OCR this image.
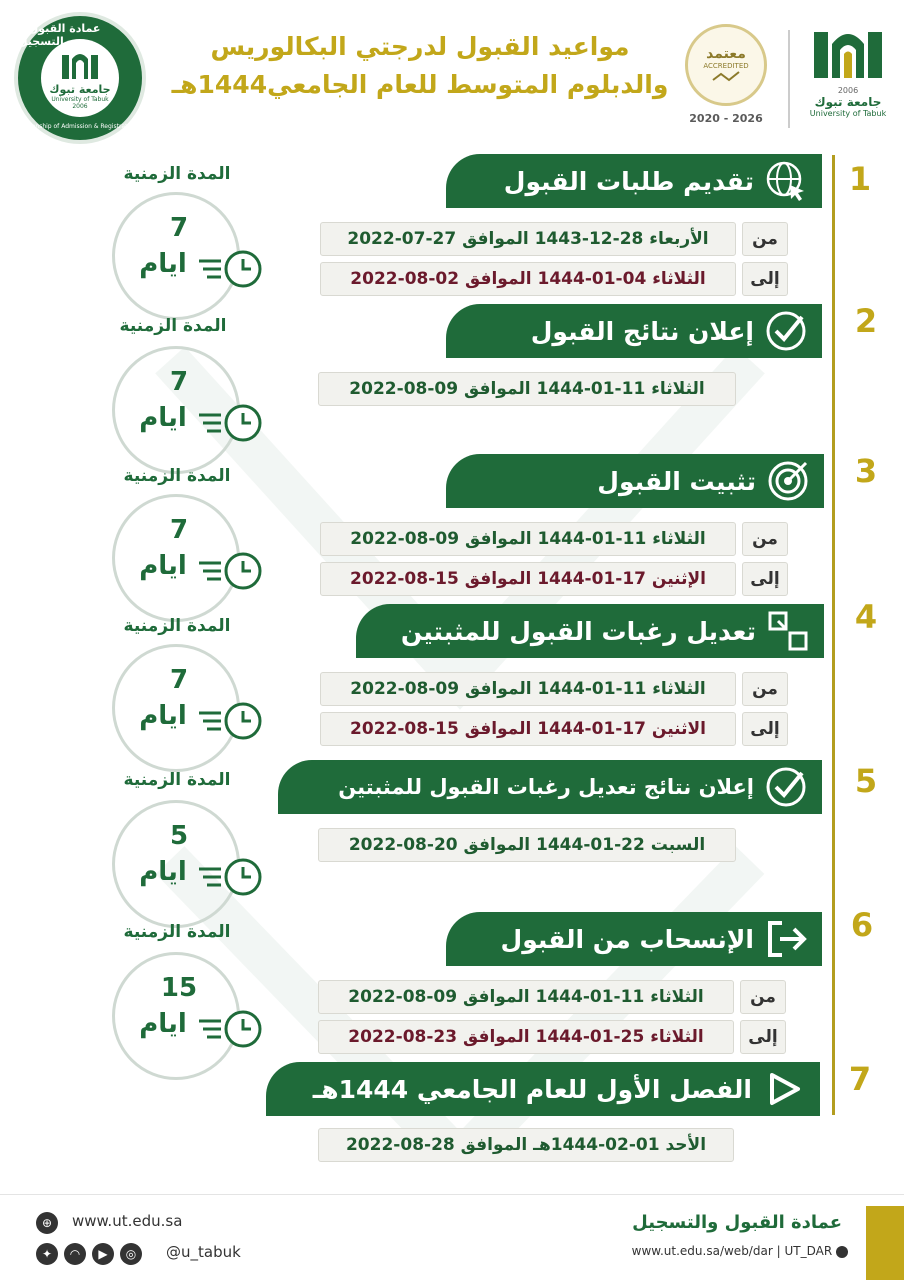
عمادة القبول و التسجيل
جامعة تبوك
University of Tabuk
2006
Deanship of Admission & Registration
مواعيد القبول لدرجتي البكالوريس
والدبلوم المتوسط للعام الجامعي1444هـ
معتمد
ACCREDITED
2020 - 2026
2006
جامعة تبوك
University of Tabuk
1
تقديم طلبات القبول
من
الأربعاء 28-12-1443 الموافق 27-07-2022
إلى
الثلاثاء 04-01-1444 الموافق 02-08-2022
المدة الزمنية
7
ايام
2
إعلان نتائج القبول
الثلاثاء 11-01-1444 الموافق 09-08-2022
المدة الزمنية
7
ايام
3
تثبيت القبول
من
الثلاثاء 11-01-1444 الموافق 09-08-2022
إلى
الإثنين 17-01-1444 الموافق 15-08-2022
المدة الزمنية
7
ايام
4
تعديل رغبات القبول للمثبتين
من
الثلاثاء 11-01-1444 الموافق 09-08-2022
إلى
الاثنين 17-01-1444 الموافق 15-08-2022
المدة الزمنية
7
ايام
5
إعلان نتائج تعديل رغبات القبول للمثبتين
السبت 22-01-1444 الموافق 20-08-2022
المدة الزمنية
5
ايام
6
الإنسحاب من القبول
من
الثلاثاء 11-01-1444 الموافق 09-08-2022
إلى
الثلاثاء 25-01-1444 الموافق 23-08-2022
المدة الزمنية
15
ايام
7
الفصل الأول للعام الجامعي 1444هـ
الأحد 01-02-1444هـ الموافق 28-08-2022
⊕	www.ut.edu.sa
✦	◠	▶	◎	@u_tabuk
عمادة القبول والتسجيل
www.ut.edu.sa/web/dar | UT_DAR
